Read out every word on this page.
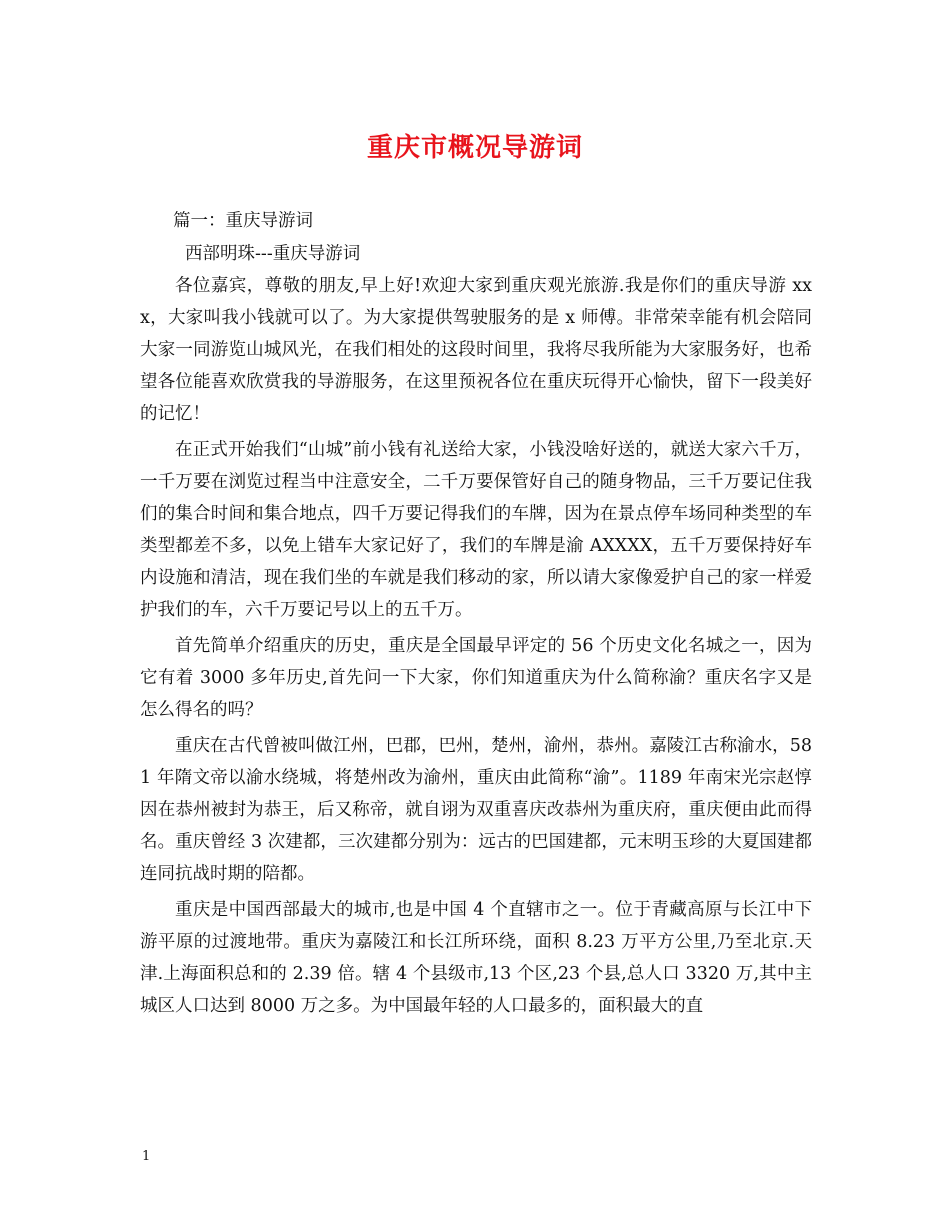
重庆市概况导游词
篇一：重庆导游词
西部明珠---重庆导游词

各位嘉宾，尊敬的朋友,早上好!欢迎大家到重庆观光旅游.我是你们的重庆导游 xxx，大家叫我小钱就可以了。为大家提供驾驶服务的是 x 师傅。非常荣幸能有机会陪同大家一同游览山城风光，在我们相处的这段时间里，我将尽我所能为大家服务好，也希望各位能喜欢欣赏我的导游服务，在这里预祝各位在重庆玩得开心愉快，留下一段美好的记忆！

在正式开始我们“山城”前小钱有礼送给大家，小钱没啥好送的，就送大家六千万，一千万要在浏览过程当中注意安全，二千万要保管好自己的随身物品，三千万要记住我们的集合时间和集合地点，四千万要记得我们的车牌，因为在景点停车场同种类型的车类型都差不多，以免上错车大家记好了，我们的车牌是渝 AXXXX，五千万要保持好车内设施和清洁，现在我们坐的车就是我们移动的家，所以请大家像爱护自己的家一样爱护我们的车，六千万要记号以上的五千万。

首先简单介绍重庆的历史，重庆是全国最早评定的 56 个历史文化名城之一，因为它有着 3000 多年历史,首先问一下大家，你们知道重庆为什么简称渝？重庆名字又是怎么得名的吗？

重庆在古代曾被叫做江州，巴郡，巴州，楚州，渝州，恭州。嘉陵江古称渝水，581 年隋文帝以渝水绕城，将楚州改为渝州，重庆由此简称“渝”。1189 年南宋光宗赵惇因在恭州被封为恭王，后又称帝，就自诩为双重喜庆改恭州为重庆府，重庆便由此而得名。重庆曾经 3 次建都，三次建都分别为：远古的巴国建都，元末明玉珍的大夏国建都连同抗战时期的陪都。

重庆是中国西部最大的城市,也是中国 4 个直辖市之一。位于青藏高原与长江中下游平原的过渡地带。重庆为嘉陵江和长江所环绕，面积 8.23 万平方公里,乃至北京.天津.上海面积总和的 2.39 倍。辖 4 个县级市,13 个区,23 个县,总人口 3320 万,其中主城区人口达到 8000 万之多。为中国最年轻的人口最多的，面积最大的直

1
